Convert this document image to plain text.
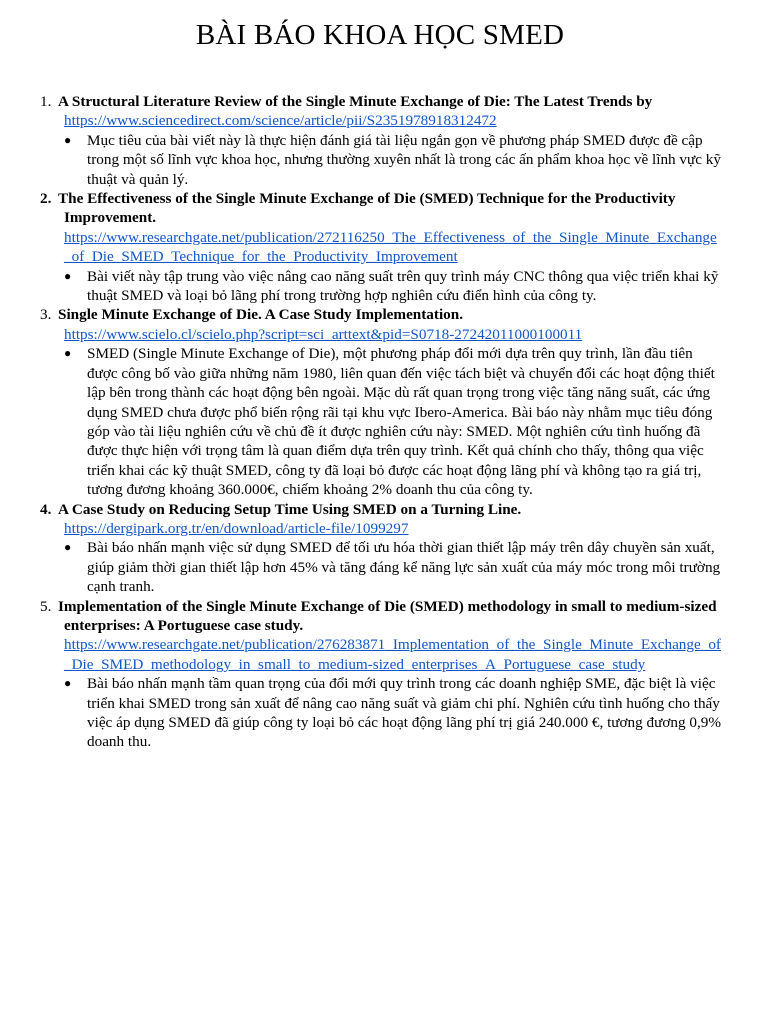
BÀI BÁO KHOA HỌC SMED
1. A Structural Literature Review of the Single Minute Exchange of Die: The Latest Trends by
https://www.sciencedirect.com/science/article/pii/S2351978918312472
● Mục tiêu của bài viết này là thực hiện đánh giá tài liệu ngắn gọn về phương pháp SMED được đề cập trong một số lĩnh vực khoa học, nhưng thường xuyên nhất là trong các ấn phẩm khoa học về lĩnh vực kỹ thuật và quản lý.
2. The Effectiveness of the Single Minute Exchange of Die (SMED) Technique for the Productivity Improvement.
https://www.researchgate.net/publication/272116250_The_Effectiveness_of_the_Single_Minute_Exchange_of_Die_SMED_Technique_for_the_Productivity_Improvement
● Bài viết này tập trung vào việc nâng cao năng suất trên quy trình máy CNC thông qua việc triển khai kỹ thuật SMED và loại bỏ lãng phí trong trường hợp nghiên cứu điển hình của công ty.
3. Single Minute Exchange of Die. A Case Study Implementation.
https://www.scielo.cl/scielo.php?script=sci_arttext&pid=S0718-27242011000100011
● SMED (Single Minute Exchange of Die), một phương pháp đổi mới dựa trên quy trình, lần đầu tiên được công bố vào giữa những năm 1980, liên quan đến việc tách biệt và chuyển đổi các hoạt động thiết lập bên trong thành các hoạt động bên ngoài. Mặc dù rất quan trọng trong việc tăng năng suất, các ứng dụng SMED chưa được phổ biến rộng rãi tại khu vực Ibero-America. Bài báo này nhằm mục tiêu đóng góp vào tài liệu nghiên cứu về chủ đề ít được nghiên cứu này: SMED. Một nghiên cứu tình huống đã được thực hiện với trọng tâm là quan điểm dựa trên quy trình. Kết quả chính cho thấy, thông qua việc triển khai các kỹ thuật SMED, công ty đã loại bỏ được các hoạt động lãng phí và không tạo ra giá trị, tương đương khoảng 360.000€, chiếm khoảng 2% doanh thu của công ty.
4. A Case Study on Reducing Setup Time Using SMED on a Turning Line.
https://dergipark.org.tr/en/download/article-file/1099297
● Bài báo nhấn mạnh việc sử dụng SMED để tối ưu hóa thời gian thiết lập máy trên dây chuyền sản xuất, giúp giảm thời gian thiết lập hơn 45% và tăng đáng kể năng lực sản xuất của máy móc trong môi trường cạnh tranh.
5. Implementation of the Single Minute Exchange of Die (SMED) methodology in small to medium-sized enterprises: A Portuguese case study.
https://www.researchgate.net/publication/276283871_Implementation_of_the_Single_Minute_Exchange_of_Die_SMED_methodology_in_small_to_medium-sized_enterprises_A_Portuguese_case_study
● Bài báo nhấn mạnh tầm quan trọng của đổi mới quy trình trong các doanh nghiệp SME, đặc biệt là việc triển khai SMED trong sản xuất để nâng cao năng suất và giảm chi phí. Nghiên cứu tình huống cho thấy việc áp dụng SMED đã giúp công ty loại bỏ các hoạt động lãng phí trị giá 240.000 €, tương đương 0,9% doanh thu.
